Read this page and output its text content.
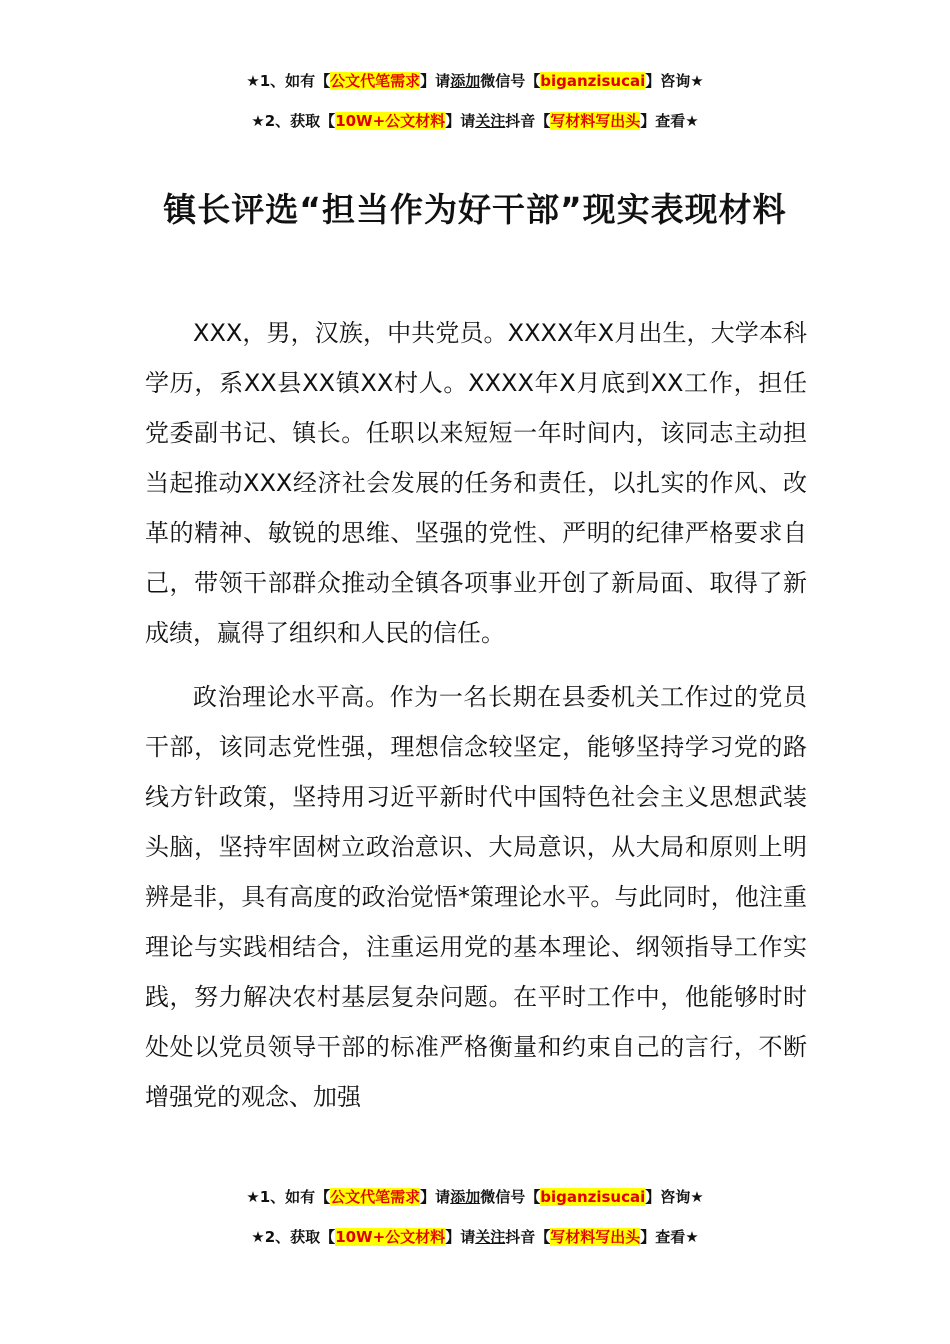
★1、如有【公文代笔需求】请添加微信号【biganzisucai】咨询★
★2、获取【10W+公文材料】请关注抖音【写材料写出头】查看★
镇长评选“担当作为好干部”现实表现材料

XXX，男，汉族，中共党员。XXXX年X月出生，大学本科学历，系XX县XX镇XX村人。XXXX年X月底到XX工作，担任党委副书记、镇长。任职以来短短一年时间内，该同志主动担当起推动XXX经济社会发展的任务和责任，以扎实的作风、改革的精神、敏锐的思维、坚强的党性、严明的纪律严格要求自己，带领干部群众推动全镇各项事业开创了新局面、取得了新成绩，赢得了组织和人民的信任。

政治理论水平高。作为一名长期在县委机关工作过的党员干部，该同志党性强，理想信念较坚定，能够坚持学习党的路线方针政策，坚持用习近平新时代中国特色社会主义思想武装头脑，坚持牢固树立政治意识、大局意识，从大局和原则上明辨是非，具有高度的政治觉悟*策理论水平。与此同时，他注重理论与实践相结合，注重运用党的基本理论、纲领指导工作实践，努力解决农村基层复杂问题。在平时工作中，他能够时时处处以党员领导干部的标准严格衡量和约束自己的言行，不断增强党的观念、加强

★1、如有【公文代笔需求】请添加微信号【biganzisucai】咨询★
★2、获取【10W+公文材料】请关注抖音【写材料写出头】查看★
